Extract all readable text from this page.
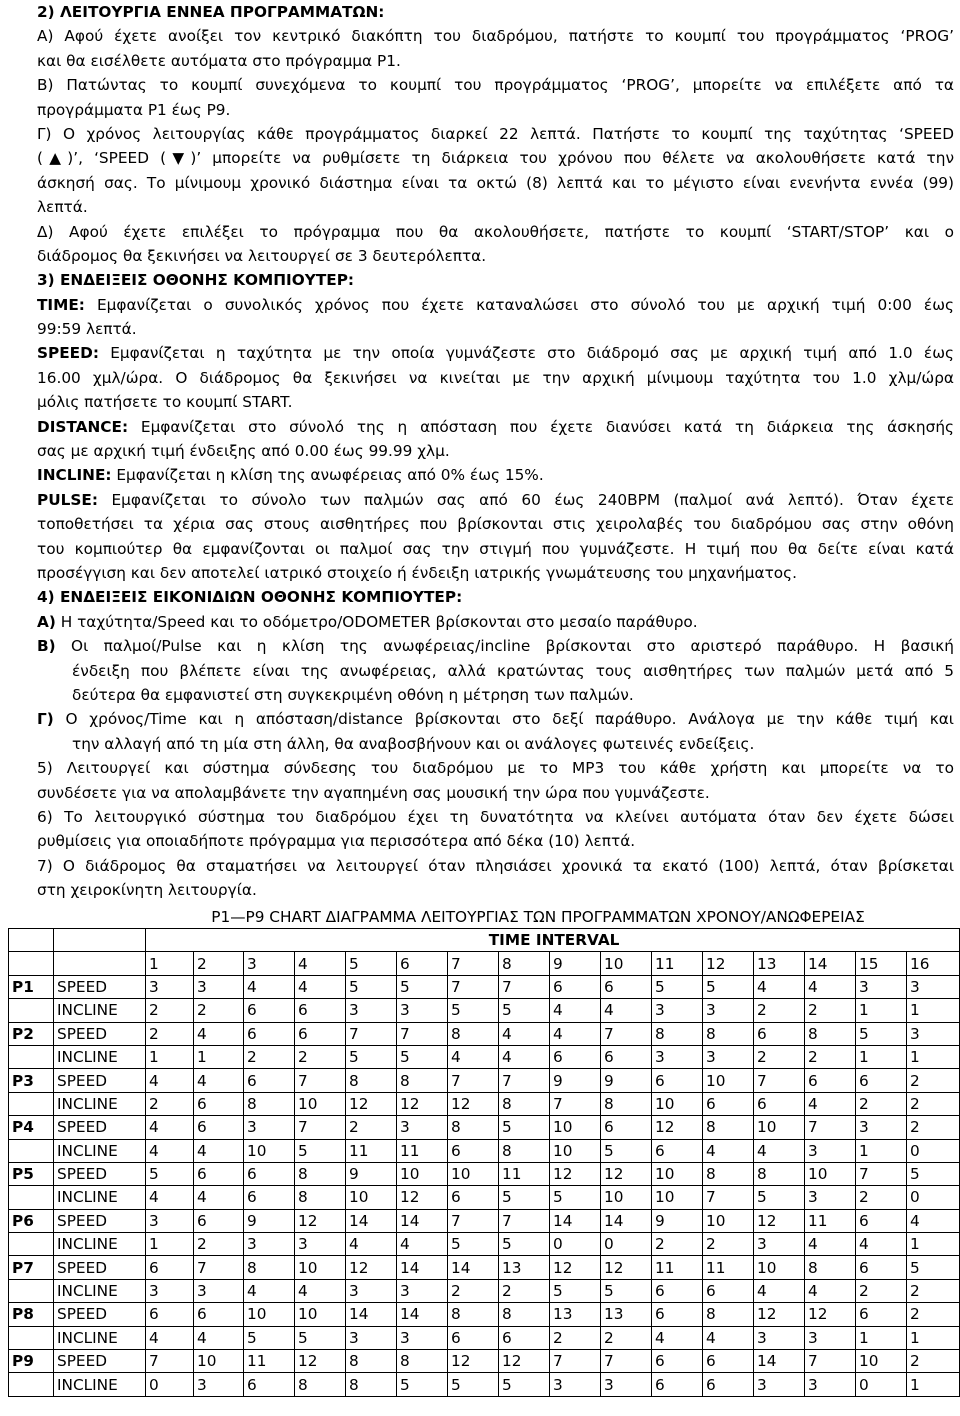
2) ΛΕΙΤΟΥΡΓΙΑ ΕΝΝΕΑ ΠΡΟΓΡΑΜΜΑΤΩΝ:
Α) Αφού έχετε ανοίξει τον κεντρικό διακόπτη του διαδρόμου, πατήστε το κουμπί του προγράμματος ‘PROG’
και θα εισέλθετε αυτόματα στο πρόγραμμα P1.
Β) Πατώντας το κουμπί συνεχόμενα το κουμπί του προγράμματος ‘PROG’, μπορείτε να επιλέξετε από τα
προγράμματα P1 έως P9.
Γ) Ο χρόνος λειτουργίας κάθε προγράμματος διαρκεί 22 λεπτά. Πατήστε το κουμπί της ταχύτητας ‘SPEED
(▲)’, ‘SPEED (▼)’ μπορείτε να ρυθμίσετε τη διάρκεια του χρόνου που θέλετε να ακολουθήσετε κατά την
άσκησή σας. Το μίνιμουμ χρονικό διάστημα είναι τα οκτώ (8) λεπτά και το μέγιστο είναι ενενήντα εννέα (99)
λεπτά.
Δ) Αφού έχετε επιλέξει το πρόγραμμα που θα ακολουθήσετε, πατήστε το κουμπί ‘START/STOP’ και ο
διάδρομος θα ξεκινήσει να λειτουργεί σε 3 δευτερόλεπτα.
3) ΕΝΔΕΙΞΕΙΣ ΟΘΟΝΗΣ ΚΟΜΠΙΟΥΤΕΡ:
TIME: Εμφανίζεται ο συνολικός χρόνος που έχετε καταναλώσει στο σύνολό του με αρχική τιμή 0:00 έως
99:59 λεπτά.
SPEED: Εμφανίζεται η ταχύτητα με την οποία γυμνάζεστε στο διάδρομό σας με αρχική τιμή από 1.0 έως
16.00 χμλ/ώρα. Ο διάδρομος θα ξεκινήσει να κινείται με την αρχική μίνιμουμ ταχύτητα του 1.0 χλμ/ώρα
μόλις πατήσετε το κουμπί START.
DISTANCE: Εμφανίζεται στο σύνολό της η απόσταση που έχετε διανύσει κατά τη διάρκεια της άσκησής
σας με αρχική τιμή ένδειξης από 0.00 έως 99.99 χλμ.
INCLINE: Εμφανίζεται η κλίση της ανωφέρειας από 0% έως 15%.
PULSE: Εμφανίζεται το σύνολο των παλμών σας από 60 έως 240BPM (παλμοί ανά λεπτό). Όταν έχετε
τοποθετήσει τα χέρια σας στους αισθητήρες που βρίσκονται στις χειρολαβές του διαδρόμου σας στην οθόνη
του κομπιούτερ θα εμφανίζονται οι παλμοί σας την στιγμή που γυμνάζεστε. Η τιμή που θα δείτε είναι κατά
προσέγγιση και δεν αποτελεί ιατρικό στοιχείο ή ένδειξη ιατρικής γνωμάτευσης του μηχανήματος.
4) ΕΝΔΕΙΞΕΙΣ ΕΙΚΟΝΙΔΙΩΝ ΟΘΟΝΗΣ ΚΟΜΠΙΟΥΤΕΡ:
Α) Η ταχύτητα/Speed και το οδόμετρο/ODOMETER βρίσκονται στο μεσαίο παράθυρο.
Β) Οι παλμοί/Pulse και η κλίση της ανωφέρειας/incline βρίσκονται στο αριστερό παράθυρο. Η βασική
ένδειξη που βλέπετε είναι της ανωφέρειας, αλλά κρατώντας τους αισθητήρες των παλμών μετά από 5
δεύτερα θα εμφανιστεί στη συγκεκριμένη οθόνη η μέτρηση των παλμών.
Γ) Ο χρόνος/Time και η απόσταση/distance βρίσκονται στο δεξί παράθυρο. Ανάλογα με την κάθε τιμή και
την αλλαγή από τη μία στη άλλη, θα αναβοσβήνουν και οι ανάλογες φωτεινές ενδείξεις.
5) Λειτουργεί και σύστημα σύνδεσης του διαδρόμου με το MP3 του κάθε χρήστη και μπορείτε να το
συνδέσετε για να απολαμβάνετε την αγαπημένη σας μουσική την ώρα που γυμνάζεστε.
6) Το λειτουργικό σύστημα του διαδρόμου έχει τη δυνατότητα να κλείνει αυτόματα όταν δεν έχετε δώσει
ρυθμίσεις για οποιαδήποτε πρόγραμμα για περισσότερα από δέκα (10) λεπτά.
7) Ο διάδρομος θα σταματήσει να λειτουργεί όταν πλησιάσει χρονικά τα εκατό (100) λεπτά, όταν βρίσκεται
στη χειροκίνητη λειτουργία.
P1—P9 CHART ΔΙΑΓΡΑΜΜΑ ΛΕΙΤΟΥΡΓΙΑΣ ΤΩΝ ΠΡΟΓΡΑΜΜΑΤΩΝ ΧΡΟΝΟΥ/ΑΝΩΦΕΡΕΙΑΣ
		TIME INTERVAL															
		1	2	3	4	5	6	7	8	9	10	11	12	13	14	15	16
P1	SPEED	3	3	4	4	5	5	7	7	6	6	5	5	4	4	3	3
	INCLINE	2	2	6	6	3	3	5	5	4	4	3	3	2	2	1	1
P2	SPEED	2	4	6	6	7	7	8	4	4	7	8	8	6	8	5	3
	INCLINE	1	1	2	2	5	5	4	4	6	6	3	3	2	2	1	1
P3	SPEED	4	4	6	7	8	8	7	7	9	9	6	10	7	6	6	2
	INCLINE	2	6	8	10	12	12	12	8	7	8	10	6	6	4	2	2
P4	SPEED	4	6	3	7	2	3	8	5	10	6	12	8	10	7	3	2
	INCLINE	4	4	10	5	11	11	6	8	10	5	6	4	4	3	1	0
P5	SPEED	5	6	6	8	9	10	10	11	12	12	10	8	8	10	7	5
	INCLINE	4	4	6	8	10	12	6	5	5	10	10	7	5	3	2	0
P6	SPEED	3	6	9	12	14	14	7	7	14	14	9	10	12	11	6	4
	INCLINE	1	2	3	3	4	4	5	5	0	0	2	2	3	4	4	1
P7	SPEED	6	7	8	10	12	14	14	13	12	12	11	11	10	8	6	5
	INCLINE	3	3	4	4	3	3	2	2	5	5	6	6	4	4	2	2
P8	SPEED	6	6	10	10	14	14	8	8	13	13	6	8	12	12	6	2
	INCLINE	4	4	5	5	3	3	6	6	2	2	4	4	3	3	1	1
P9	SPEED	7	10	11	12	8	8	12	12	7	7	6	6	14	7	10	2
	INCLINE	0	3	6	8	8	5	5	5	3	3	6	6	3	3	0	1
